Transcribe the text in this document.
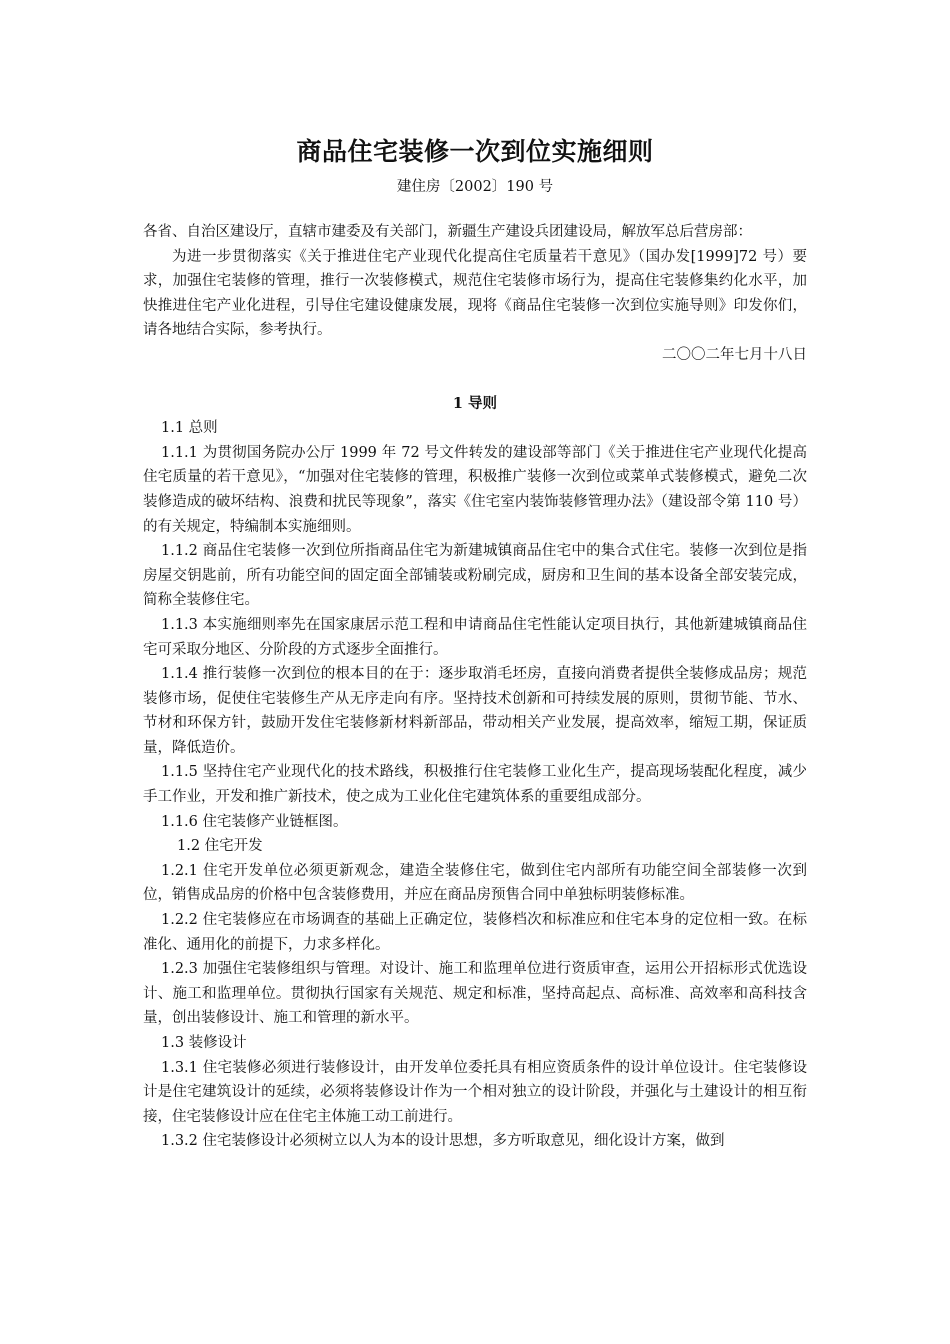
商品住宅装修一次到位实施细则

建住房〔2002〕190 号

各省、自治区建设厅，直辖市建委及有关部门，新疆生产建设兵团建设局，解放军总后营房部：

为进一步贯彻落实《关于推进住宅产业现代化提高住宅质量若干意见》（国办发[1999]72 号）要求，加强住宅装修的管理，推行一次装修模式，规范住宅装修市场行为，提高住宅装修集约化水平，加快推进住宅产业化进程，引导住宅建设健康发展，现将《商品住宅装修一次到位实施导则》印发你们，请各地结合实际，参考执行。

二〇〇二年七月十八日

1 导则

1.1 总则

1.1.1 为贯彻国务院办公厅 1999 年 72 号文件转发的建设部等部门《关于推进住宅产业现代化提高住宅质量的若干意见》，“加强对住宅装修的管理，积极推广装修一次到位或菜单式装修模式，避免二次装修造成的破坏结构、浪费和扰民等现象”，落实《住宅室内装饰装修管理办法》（建设部令第 110 号）的有关规定，特编制本实施细则。

1.1.2 商品住宅装修一次到位所指商品住宅为新建城镇商品住宅中的集合式住宅。装修一次到位是指房屋交钥匙前，所有功能空间的固定面全部铺装或粉刷完成，厨房和卫生间的基本设备全部安装完成，简称全装修住宅。

1.1.3 本实施细则率先在国家康居示范工程和申请商品住宅性能认定项目执行，其他新建城镇商品住宅可采取分地区、分阶段的方式逐步全面推行。

1.1.4 推行装修一次到位的根本目的在于：逐步取消毛坯房，直接向消费者提供全装修成品房；规范装修市场，促使住宅装修生产从无序走向有序。坚持技术创新和可持续发展的原则，贯彻节能、节水、节材和环保方针，鼓励开发住宅装修新材料新部品，带动相关产业发展，提高效率，缩短工期，保证质量，降低造价。

1.1.5 坚持住宅产业现代化的技术路线，积极推行住宅装修工业化生产，提高现场装配化程度，减少手工作业，开发和推广新技术，使之成为工业化住宅建筑体系的重要组成部分。

1.1.6 住宅装修产业链框图。

1.2 住宅开发

1.2.1 住宅开发单位必须更新观念，建造全装修住宅，做到住宅内部所有功能空间全部装修一次到位，销售成品房的价格中包含装修费用，并应在商品房预售合同中单独标明装修标准。

1.2.2 住宅装修应在市场调查的基础上正确定位，装修档次和标准应和住宅本身的定位相一致。在标准化、通用化的前提下，力求多样化。

1.2.3 加强住宅装修组织与管理。对设计、施工和监理单位进行资质审查，运用公开招标形式优选设计、施工和监理单位。贯彻执行国家有关规范、规定和标准，坚持高起点、高标准、高效率和高科技含量，创出装修设计、施工和管理的新水平。

1.3 装修设计

1.3.1 住宅装修必须进行装修设计，由开发单位委托具有相应资质条件的设计单位设计。住宅装修设计是住宅建筑设计的延续，必须将装修设计作为一个相对独立的设计阶段，并强化与土建设计的相互衔接，住宅装修设计应在住宅主体施工动工前进行。

1.3.2 住宅装修设计必须树立以人为本的设计思想，多方听取意见，细化设计方案，做到
